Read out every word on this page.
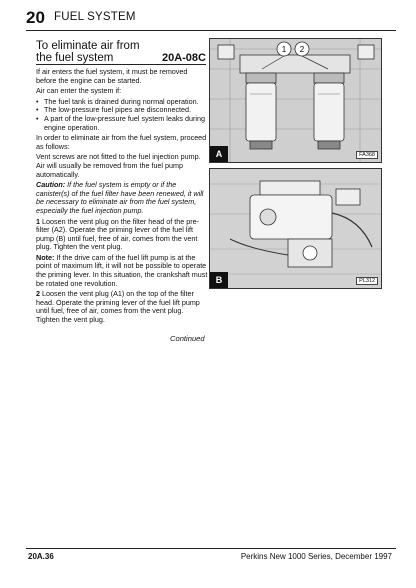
20 FUEL SYSTEM
To eliminate air from the fuel system	20A-08C

If air enters the fuel system, it must be removed before the engine can be started.

Air can enter the system if:

• The fuel tank is drained during normal operation.
• The low-pressure fuel pipes are disconnected.
• A part of the low-pressure fuel system leaks during engine operation.

In order to eliminate air from the fuel system, proceed as follows:

Vent screws are not fitted to the fuel injection pump. Air will usually be removed from the fuel pump automatically.

Caution: If the fuel system is empty or if the canister(s) of the fuel filter have been renewed, it will be necessary to eliminate air from the fuel system, especially the fuel injection pump.

1 Loosen the vent plug on the filter head of the pre-filter (A2). Operate the priming lever of the fuel lift pump (B) until fuel, free of air, comes from the vent plug. Tighten the vent plug.

Note: If the drive cam of the fuel lift pump is at the point of maximum lift, it will not be possible to operate the priming lever. In this situation, the crankshaft must be rotated one revolution.

2 Loosen the vent plug (A1) on the top of the filter head. Operate the priming lever of the fuel lift pump until fuel, free of air, comes from the vent plug. Tighten the vent plug.

Continued
1 2
A	FA368
B	PL312
20A.36	Perkins New 1000 Series, December 1997
